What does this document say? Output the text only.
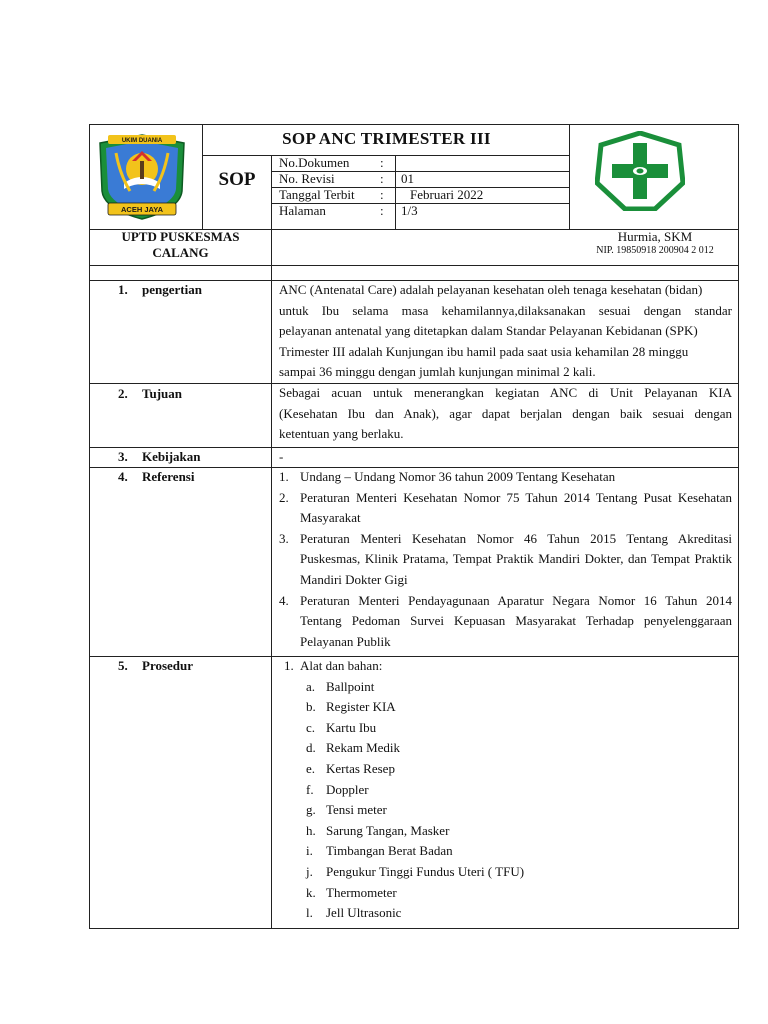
UKIM DUANIA
ACEH JAYA
SOP ANC TRIMESTER III
SOP
No.Dokumen :
No. Revisi	: 01
Tanggal Terbit : Februari 2022
Halaman	: 1/3
UPTD PUSKESMAS
CALANG
Hurmia, SKM
NIP. 19850918 200904 2 012
1. pengertian	ANC (Antenatal Care) adalah pelayanan kesehatan oleh tenaga kesehatan (bidan)
untuk Ibu selama masa kehamilannya,dilaksanakan sesuai dengan standar
pelayanan antenatal yang ditetapkan dalam Standar Pelayanan Kebidanan (SPK)
Trimester III adalah Kunjungan ibu hamil pada saat usia kehamilan 28 minggu
sampai 36 minggu dengan jumlah kunjungan minimal 2 kali.
2. Tujuan	Sebagai acuan untuk menerangkan kegiatan ANC di Unit Pelayanan KIA
(Kesehatan Ibu dan Anak), agar dapat berjalan dengan baik sesuai dengan
ketentuan yang berlaku.
3. Kebijakan	-
4. Referensi	1. Undang – Undang Nomor 36 tahun 2009 Tentang Kesehatan
2. Peraturan Menteri Kesehatan Nomor 75 Tahun 2014 Tentang Pusat Kesehatan Masyarakat
3. Peraturan Menteri Kesehatan Nomor 46 Tahun 2015 Tentang Akreditasi Puskesmas, Klinik Pratama, Tempat Praktik Mandiri Dokter, dan Tempat Praktik Mandiri Dokter Gigi
4. Peraturan Menteri Pendayagunaan Aparatur Negara Nomor 16 Tahun 2014 Tentang Pedoman Survei Kepuasan Masyarakat Terhadap penyelenggaraan Pelayanan Publik
5. Prosedur	1. Alat dan bahan:
a. Ballpoint
b. Register KIA
c. Kartu Ibu
d. Rekam Medik
e. Kertas Resep
f. Doppler
g. Tensi meter
h. Sarung Tangan, Masker
i. Timbangan Berat Badan
j. Pengukur Tinggi Fundus Uteri ( TFU)
k. Thermometer
l. Jell Ultrasonic
